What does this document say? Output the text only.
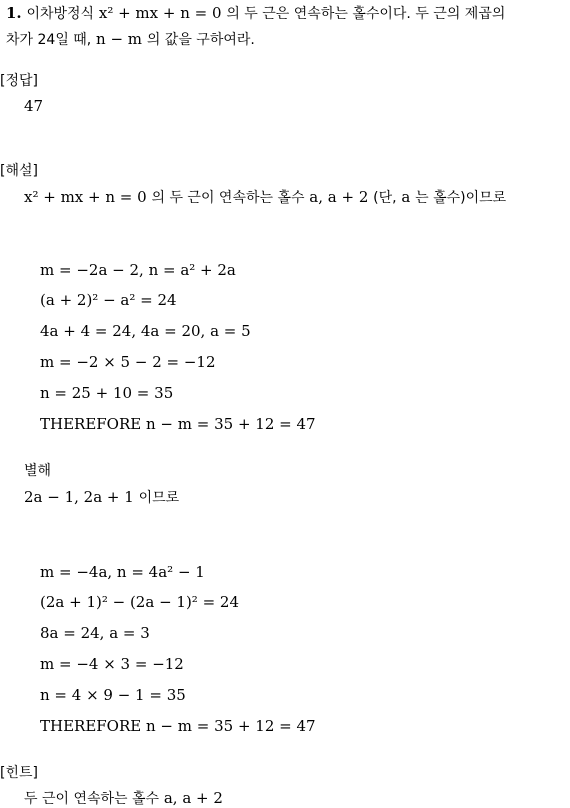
1. 이차방정식 x² + mx + n = 0 의 두 근은 연속하는 홀수이다. 두 근의 제곱의
차가 24일 때, n − m 의 값을 구하여라.
[정답]
47
[해설]
x² + mx + n = 0 의 두 근이 연속하는 홀수 a, a + 2 (단, a 는 홀수)이므로
m = −2a − 2, n = a² + 2a
(a + 2)² − a² = 24
4a + 4 = 24, 4a = 20, a = 5
m = −2 × 5 − 2 = −12
n = 25 + 10 = 35
THEREFORE n − m = 35 + 12 = 47
별해
2a − 1, 2a + 1 이므로
m = −4a, n = 4a² − 1
(2a + 1)² − (2a − 1)² = 24
8a = 24, a = 3
m = −4 × 3 = −12
n = 4 × 9 − 1 = 35
THEREFORE n − m = 35 + 12 = 47
[힌트]
두 근이 연속하는 홀수 a, a + 2
